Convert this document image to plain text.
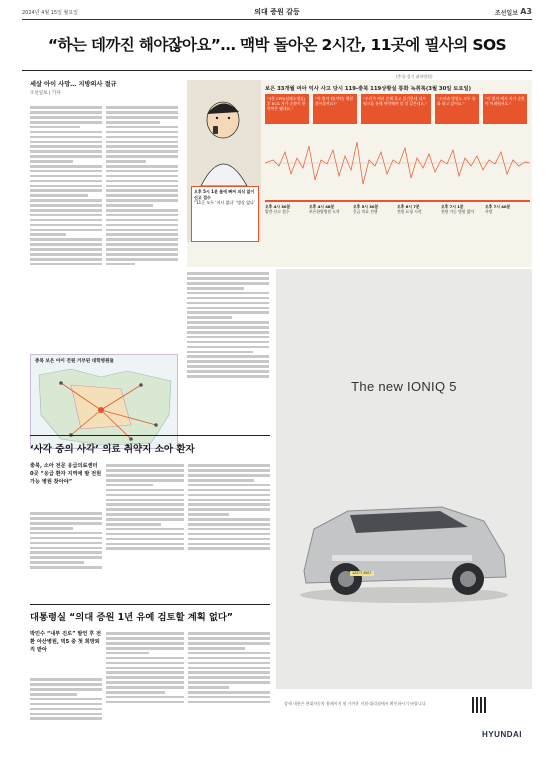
2024년 4월 15일 월요일	의대 증원 갈등	조선일보 A3
“하는 데까진 해야잖아요”… 맥박 돌아온 2시간, 11곳에 필사의 SOS
세살 아이 사망… 지방의사 절규
조선일보 | 기자
충북 보은 아이 전원 거부된 대학병원들
보은 33개월 여아 익사 사고 당시 119-충북 119상황실 통화 녹취록(3월 30일 토요일)
(충청·경기 대학병원)
“3분 CPR(심폐소생술) 후 ECG 자가 순환이 한번씩은 됐대요.”
“이 환자 뭐(어떤) 병원 찾아볼까요?”
“우리가 여러 순해 혹고 있긴한데 네트워크를 통해 연락해야 할 것 같은데요.”
“소아과 병원도 모두 통화 하고 있어요.”
“이 환자 에서 자가 순환 이 어려워서요.”
오후 5시 1분 물에 빠져 의식 없이 신고 접수
“11곳 모두 ‘의사 없다’ ‘병상 없다’
오후 4시 30분
발견·신고 접수
오후 4시 48분
보은한양병원 도착
오후 5시 30분
응급 치료 진행
오후 6시 7분
전원 요청 시작
오후 7시 1분
전원 가능 병원 없어
오후 7시 40분
사망
‘사각 중의 사각’ 의료 취약지 소아 환자
충북, 소아 전문 응급의료센터 0곳 “응급 환자 지역에 발 전원 가능 병원 찾아야”
대통령실 “의대 증원 1년 유예 검토할 계획 없다”
박민수 “내부 진로” 발언 후 전환 아산병원, 빅5 중 첫 희망퇴직 받아
The new IONIQ 5
123가 4567
상세 내용은 현대자동차 홈페이지 및 가까운 지점·대리점에서 확인하시기 바랍니다.
HYUNDAI
